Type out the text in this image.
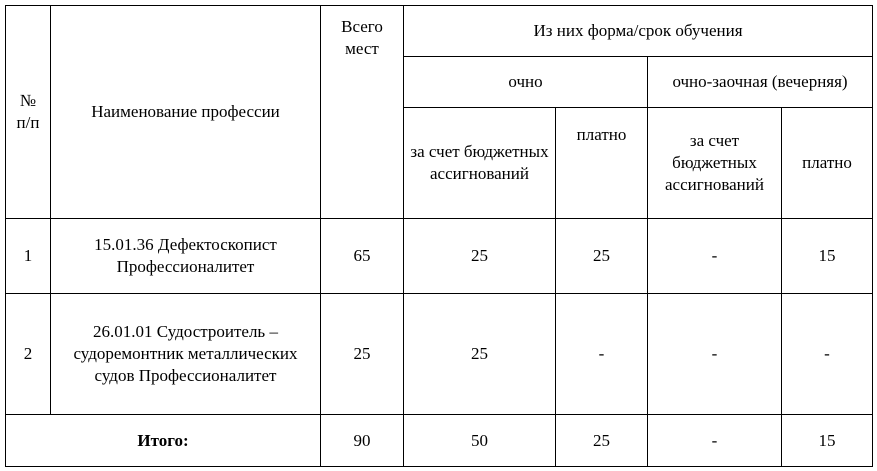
№ п/п	Наименование профессии	Всего мест	Из них форма/срок обучения			
			очно		очно-заочная (вечерняя)	
			за счет бюджетных ассигнований	платно	за счет бюджетных ассигнований	платно
1	15.01.36 Дефектоскопист Профессионалитет	65	25	25	-	15
2	26.01.01 Судостроитель – судоремонтник металлических судов Профессионалитет	25	25	-	-	-
Итого:		90	50	25	-	15
